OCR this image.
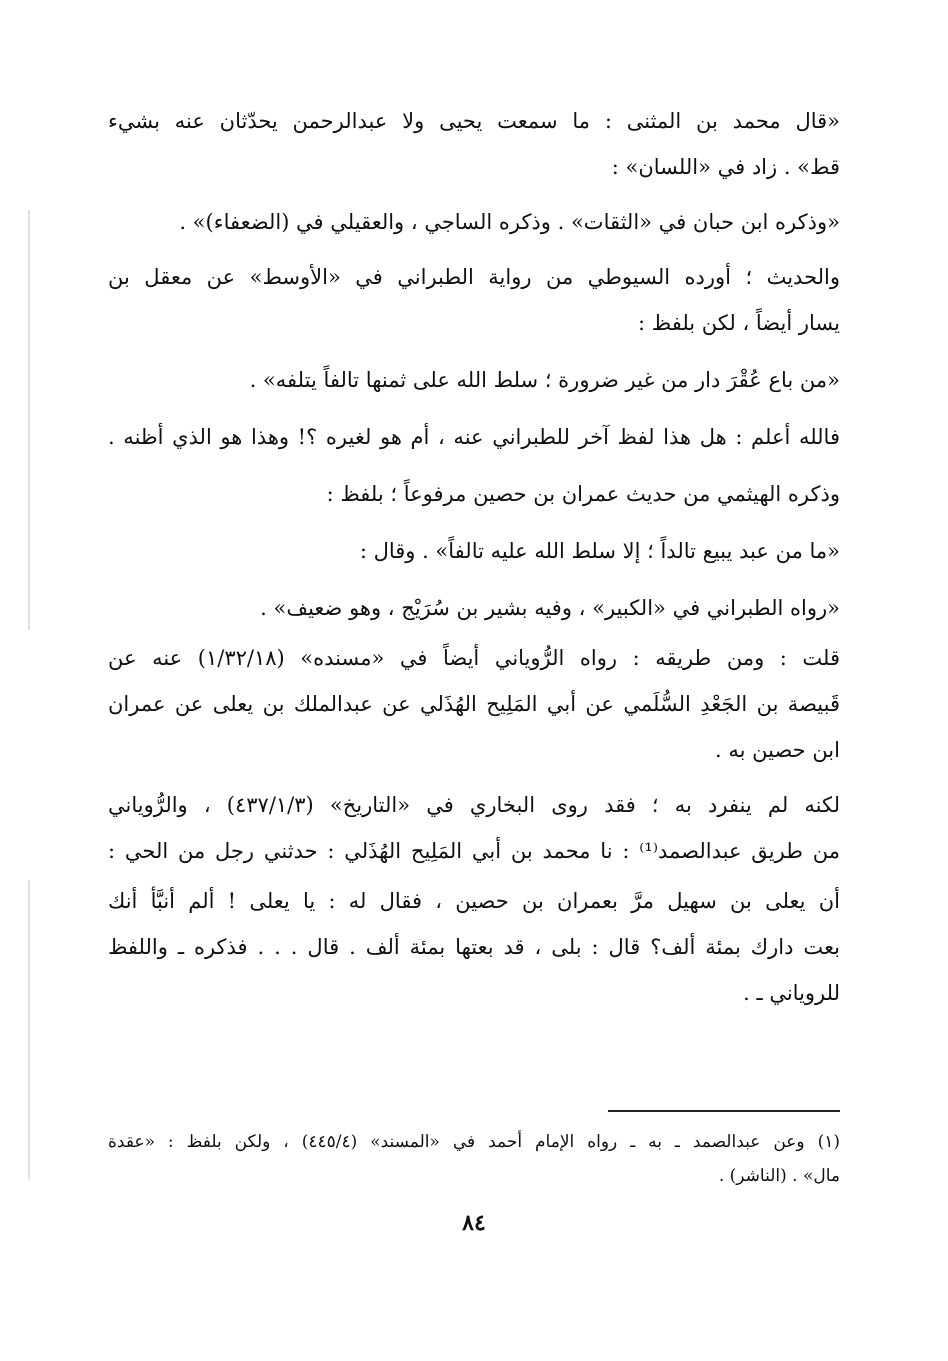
«قال محمد بن المثنى : ما سمعت يحيى ولا عبدالرحمن يحدّثان عنه بشيء
قط» . زاد في «اللسان» :
«وذكره ابن حبان في «الثقات» . وذكره الساجي ، والعقيلي في (الضعفاء)» .
والحديث ؛ أورده السيوطي من رواية الطبراني في «الأوسط» عن معقل بن
يسار أيضاً ، لكن بلفظ :
«من باع عُقْرَ دار من غير ضرورة ؛ سلط الله على ثمنها تالفاً يتلفه» .
فالله أعلم : هل هذا لفظ آخر للطبراني عنه ، أم هو لغيره ؟! وهذا هو الذي أظنه .
وذكره الهيثمي من حديث عمران بن حصين مرفوعاً ؛ بلفظ :
«ما من عبد يبيع تالداً ؛ إلا سلط الله عليه تالفاً» . وقال :
«رواه الطبراني في «الكبير» ، وفيه بشير بن سُرَيْج ، وهو ضعيف» .
قلت : ومن طريقه : رواه الرُّوياني أيضاً في «مسنده» (١/٣٢/١٨) عنه عن
قَبيصة بن الجَعْدِ السُّلَمي عن أبي المَلِيح الهُذَلي عن عبدالملك بن يعلى عن عمران
ابن حصين به .
لكنه لم ينفرد به ؛ فقد روى البخاري في «التاريخ» (٤٣٧/١/٣) ، والرُّوياني
من طريق عبدالصمد⁽¹⁾ : نا محمد بن أبي المَلِيح الهُذَلي : حدثني رجل من الحي :
أن يعلى بن سهيل مرَّ بعمران بن حصين ، فقال له : يا يعلى ! ألم أنبَّأ أنك
بعت دارك بمئة ألف؟ قال : بلى ، قد بعتها بمئة ألف . قال . . . فذكره ـ واللفظ
للروياني ـ .
(١) وعن عبدالصمد ـ به ـ رواه الإمام أحمد في «المسند» (٤٤٥/٤) ، ولكن بلفظ : «عقدة
مال» . (الناشر) .
٨٤
